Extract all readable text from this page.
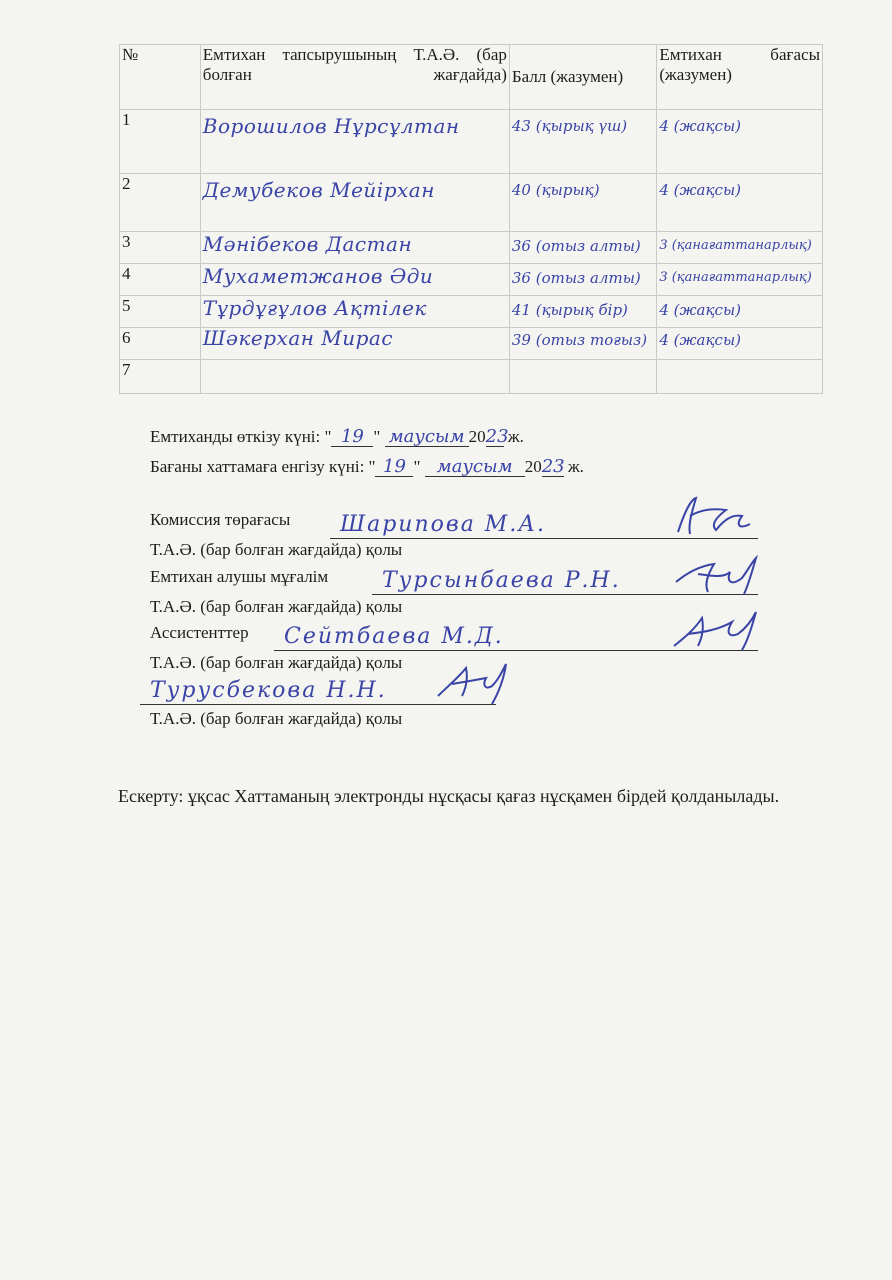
№	Емтихан тапсырушының Т.А.Ә. (бар болған жағдайда)	Балл (жазумен)	Емтихан бағасы (жазумен)
1	Ворошилов Нұрсұлтан	43 (қырық үш)	4 (жақсы)

2	Демубеков Мейірхан	40 (қырық)	4 (жақсы)

3	Мәнібеков Дастан	36 (отыз алты)	3 (қанағаттанарлық)

4	Мухаметжанов Әди	36 (отыз алты)	3 (қанағаттанарлық)

5	Тұрдұғұлов Ақтілек	41 (қырық бір)	4 (жақсы)

6	Шәкерхан Мирас	39 (отыз тоғыз)	4 (жақсы)

7			
Емтиханды өткізу күні: " 19 " маусым 2023 ж.
Бағаны хаттамаға енгізу күні: " 19 " маусым 2023 ж.
Комиссия төрағасы	Шарипова М.А.
Т.А.Ә. (бар болған жағдайда) қолы
Емтихан алушы мұғалім	Турсынбаева Р.Н.
Т.А.Ә. (бар болған жағдайда) қолы
Ассистенттер	Сейтбаева М.Д.
Т.А.Ә. (бар болған жағдайда) қолы
Турусбекова Н.Н.
Т.А.Ә. (бар болған жағдайда) қолы

Ескерту: ұқсас Хаттаманың электронды нұсқасы қағаз нұсқамен бірдей қолданылады.
